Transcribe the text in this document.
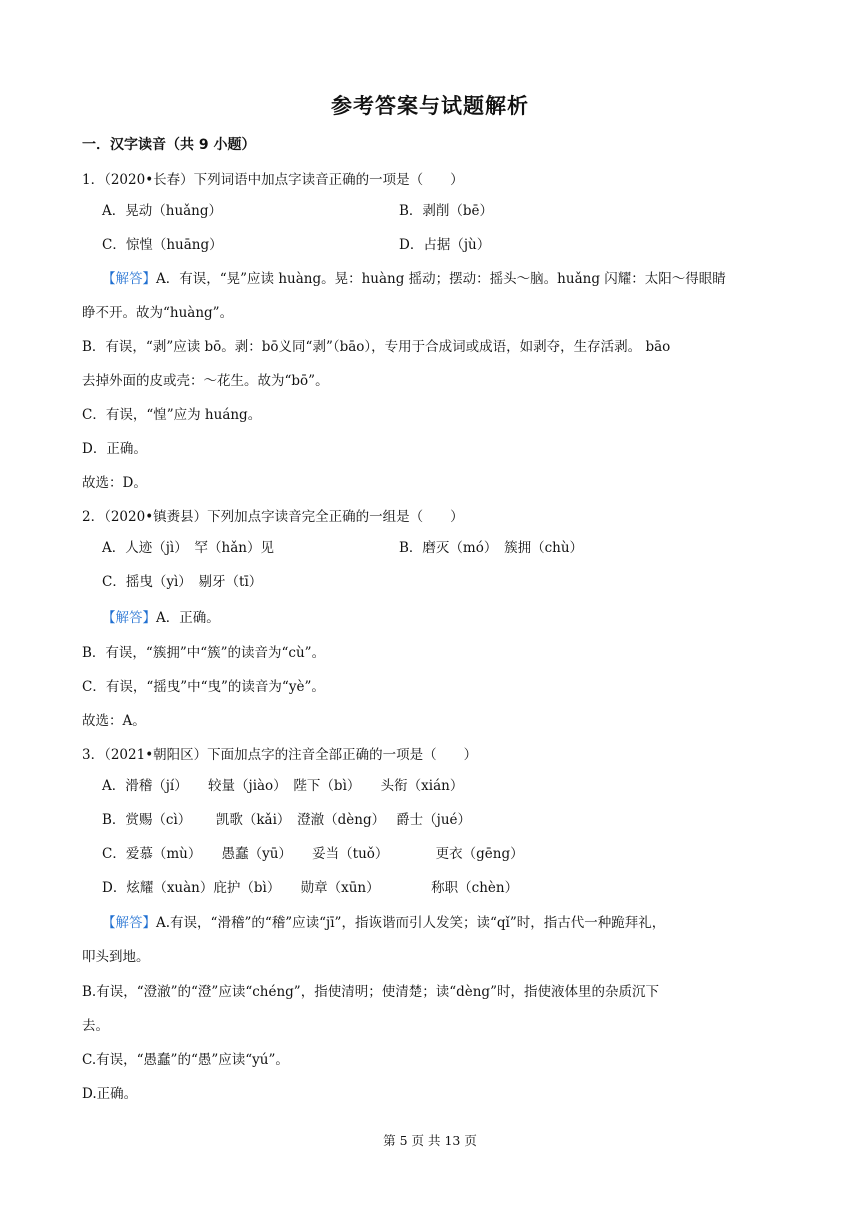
参考答案与试题解析
一．汉字读音（共 9 小题）
1．（2020•长春）下列词语中加点字读音正确的一项是（　　）
A．晃动（huǎng）	B．剥削（bē）
C．惊惶（huāng）	D．占据（jù）
【解答】A．有误，“晃”应读 huàng。晃：huàng 摇动；摆动：摇头～脑。huǎng 闪耀：太阳～得眼睛
睁不开。故为“huàng”。
B．有误，“剥”应读 bō。剥：bō义同“剥”（bāo），专用于合成词或成语，如剥夺，生存活剥。 bāo
去掉外面的皮或壳：～花生。故为“bō”。
C．有误，“惶”应为 huáng。
D．正确。
故选：D。
2．（2020•镇赉县）下列加点字读音完全正确的一组是（　　）
A．人迹（jì）　罕（hǎn）见	B．磨灭（mó）　簇拥（chù）
C．摇曳（yì）　剔牙（tī）
【解答】A．正确。
B．有误，“簇拥”中“簇”的读音为“cù”。
C．有误，“摇曳”中“曳”的读音为“yè”。
故选：A。
3．（2021•朝阳区）下面加点字的注音全部正确的一项是（　　）
A．滑稽（jí）　　较量（jiào）　陛下（bì）　　头衔（xián）
B．赏赐（cì）　　 凯歌（kǎi）　澄澈（dèng）　 爵士（jué）
C．爱慕（mù）　　愚蠢（yū）　　妥当（tuǒ）　　　　更衣（gēng）
D．炫耀（xuàn）庇护（bì）　　勋章（xūn）　　　　 称职（chèn）
【解答】A.有误，“滑稽”的“稽”应读“jī”，指诙谐而引人发笑；读“qǐ”时，指古代一种跪拜礼，
叩头到地。
B.有误，“澄澈”的“澄”应读“chéng”，指使清明；使清楚；读“dèng”时，指使液体里的杂质沉下
去。
C.有误，“愚蠢”的“愚”应读“yú”。
D.正确。
第 5 页 共 13 页
